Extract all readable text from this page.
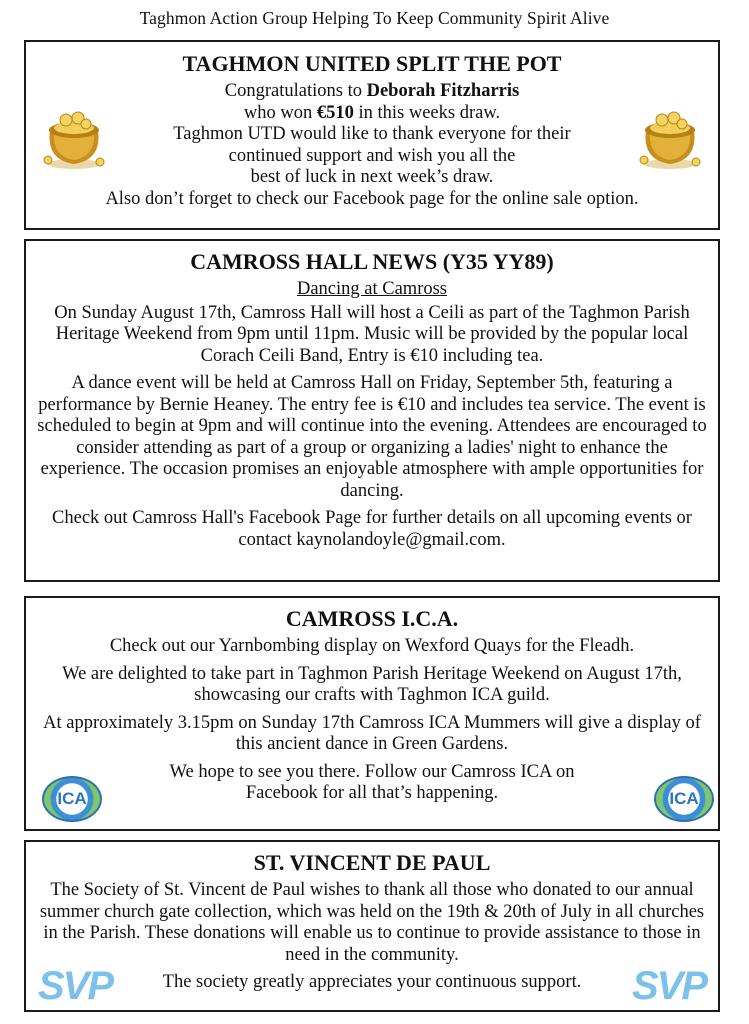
Taghmon Action Group Helping To Keep Community Spirit Alive
TAGHMON UNITED SPLIT THE POT
Congratulations to Deborah Fitzharris
who won €510 in this weeks draw.
Taghmon UTD would like to thank everyone for their
continued support and wish you all the
best of luck in next week’s draw.
Also don’t forget to check our Facebook page for the online sale option.
CAMROSS HALL NEWS (Y35 YY89)

Dancing at Camross

On Sunday August 17th, Camross Hall will host a Ceili as part of the Taghmon Parish Heritage Weekend from 9pm until 11pm. Music will be provided by the popular local Corach Ceili Band, Entry is €10 including tea.

A dance event will be held at Camross Hall on Friday, September 5th, featuring a performance by Bernie Heaney. The entry fee is €10 and includes tea service. The event is scheduled to begin at 9pm and will continue into the evening. Attendees are encouraged to consider attending as part of a group or organizing a ladies' night to enhance the experience. The occasion promises an enjoyable atmosphere with ample opportunities for dancing.

Check out Camross Hall's Facebook Page for further details on all upcoming events or contact kaynolandoyle@gmail.com.

CAMROSS I.C.A.

Check out our Yarnbombing display on Wexford Quays for the Fleadh.

We are delighted to take part in Taghmon Parish Heritage Weekend on August 17th, showcasing our crafts with Taghmon ICA guild.

At approximately 3.15pm on Sunday 17th Camross ICA Mummers will give a display of this ancient dance in Green Gardens.

We hope to see you there. Follow our Camross ICA on
Facebook for all that’s happening.

ICA	ICA
ST. VINCENT DE PAUL

The Society of St. Vincent de Paul wishes to thank all those who donated to our annual summer church gate collection, which was held on the 19th & 20th of July in all churches in the Parish. These donations will enable us to continue to provide assistance to those in need in the community.

The society greatly appreciates your continuous support.

SVP	SVP
